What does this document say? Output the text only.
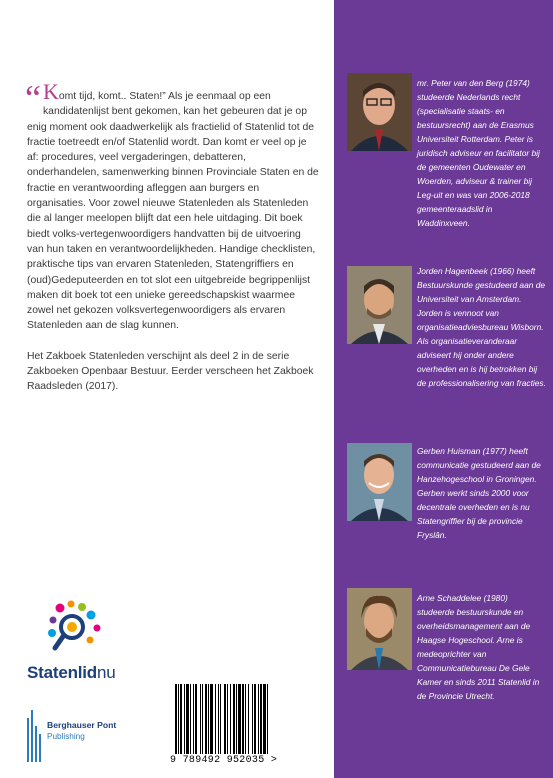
“ Komt tijd, komt.. Staten!” Als je eenmaal op een kandidatenlijst bent gekomen, kan het gebeuren dat je op enig moment ook daadwerkelijk als fractielid of Statenlid tot de fractie toetreedt en/of Statenlid wordt. Dan komt er veel op je af: procedures, veel vergaderingen, debatteren, onderhandelen, samenwerking binnen Provinciale Staten en de fractie en verantwoording afleggen aan burgers en organisaties. Voor zowel nieuwe Statenleden als Statenleden die al langer meelopen blijft dat een hele uitdaging. Dit boek biedt volks-vertegenwoordigers handvatten bij de uitvoering van hun taken en verantwoordelijkheden. Handige checklisten, praktische tips van ervaren Statenleden, Statengriffiers en (oud)Gedeputeerden en tot slot een uitgebreide begrippenlijst maken dit boek tot een unieke gereedschapskist waarmee zowel net gekozen volksvertegenwoordigers als ervaren Statenleden aan de slag kunnen.

Het Zakboek Statenleden verschijnt als deel 2 in de serie Zakboeken Openbaar Bestuur. Eerder verscheen het Zakboek Raadsleden (2017).

Statenlidnu
Berghauser Pont
Publishing
9 789492 952035 >
mr. Peter van den Berg (1974) studeerde Nederlands recht (specialisatie staats- en bestuursrecht) aan de Erasmus Universiteit Rotterdam. Peter is juridisch adviseur en facilitator bij de gemeenten Oudewater en Woerden, adviseur & trainer bij Leg-uit en was van 2006-2018 gemeenteraadslid in Waddinxveen.
Jorden Hagenbeek (1966) heeft Bestuurskunde gestudeerd aan de Universiteit van Amsterdam. Jorden is vennoot van organisatieadviesbureau Wisborn. Als organisatieveranderaar adviseert hij onder andere overheden en is hij betrokken bij de professionalisering van fracties.
Gerben Huisman (1977) heeft communicatie gestudeerd aan de Hanzehogeschool in Groningen. Gerben werkt sinds 2000 voor decentrale overheden en is nu Statengriffier bij de provincie Fryslân.
Arne Schaddelee (1980) studeerde bestuurskunde en overheidsmanagement aan de Haagse Hogeschool. Arne is medeoprichter van Communicatiebureau De Gele Kamer en sinds 2011 Statenlid in de Provincie Utrecht.
